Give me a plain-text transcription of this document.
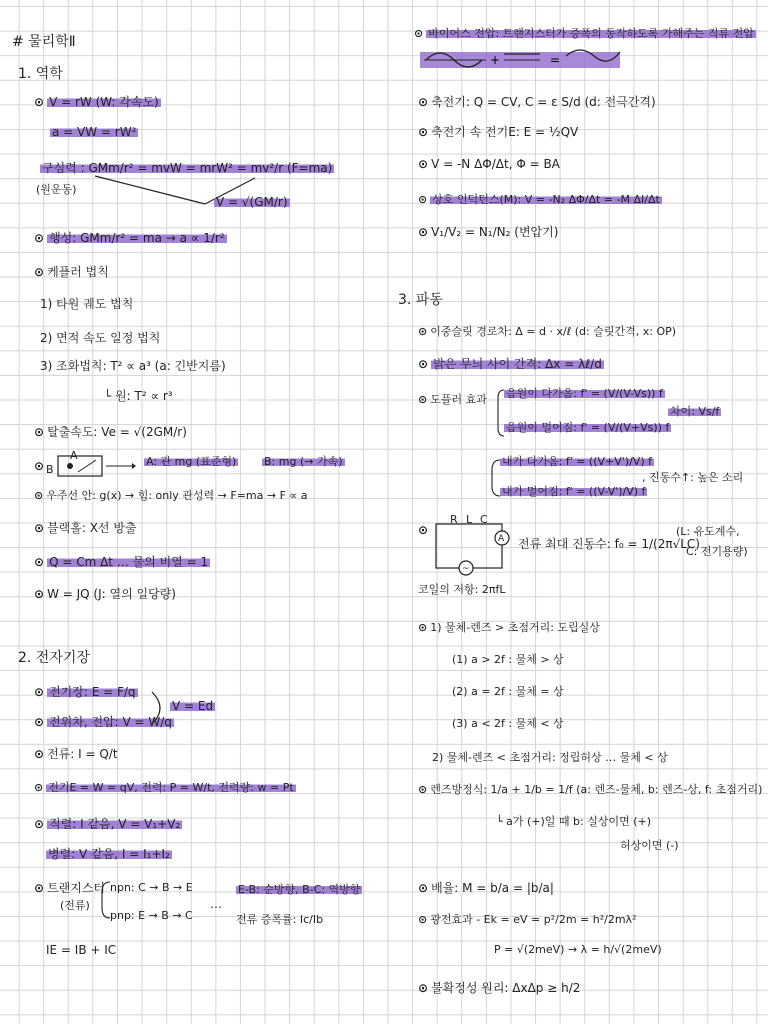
# 물리학Ⅱ
1. 역학
⊙ V = rW (W: 각속도)
a = VW = rW²
구심력 : GMm/r² = mvW = mrW² = mv²/r (F=ma)
(원운동)
V = √(GM/r)
⊙ 행성: GMm/r² = ma → a ∝ 1/r²
⊙ 케플러 법칙
1) 타원 궤도 법칙
2) 면적 속도 일정 법칙
3) 조화법칙: T² ∝ a³ (a: 긴반지름)
└ 원: T² ∝ r³
⊙ 탈출속도: Ve = √(2GM/r)
⊙ B
A	A: 관 mg (표준형)	B: mg (→ 가속)
⊙ 우주선 안: g(x) → 힘: only 관성력 → F=ma → F ∝ a
⊙ 블랙홀: X선 방출
⊙ Q = Cm Δt … 물의 비열 = 1
⊙ W = JQ (J: 열의 일당량)
2. 전자기장
⊙ 전기장: E = F/q
⊙ 전위차, 전압: V = W/q
V = Ed
⊙ 전류: I = Q/t
⊙ 전기E = W = qV, 전력: P = W/t, 전력량: w = Pt
⊙ 직렬: I 같음, V = V₁+V₂
병렬: V 같음, I = I₁+I₂
⊙ 트랜지스터
(전류)
npn: C → B → E
pnp: E → B → C
…
E-B: 순방향, B-C: 역방향
전류 증폭률: Ic/Ib
IE = IB + IC
⊙ 바이어스 전압: 트랜지스터가 증폭의 동작하도록 가해주는 직류 전압
+	=
⊙ 축전기: Q = CV, C = ε S/d (d: 전극간격)
⊙ 축전기 속 전기E: E = ½QV
⊙ V = -N ΔΦ/Δt, Φ = BA
⊙ 상호 인덕턴스(M): V = -N₂ ΔΦ/Δt = -M ΔI/Δt
⊙ V₁/V₂ = N₁/N₂ (변압기)
3. 파동
⊙ 이중슬릿 경로차: Δ = d · x/ℓ (d: 슬릿간격, x: OP)
⊙ 밝은 무늬 사이 간격: Δx = λℓ/d
⊙ 도플러 효과 음원이 다가옴: f' = (V/(V-Vs)) f
음원이 멀어짐: f' = (V/(V+Vs)) f
차이: Vs/f
내가 다가옴: f' = ((V+V')/V) f
내가 멀어짐: f' = ((V-V')/V) f
, 진동수↑: 높은 소리
⊙
R L C
A
~
전류 최대 진동수: f₀ = 1/(2π√LC)
(L: 유도계수,
C: 전기용량)
코일의 저항: 2πfL
⊙ 1) 물체-렌즈 > 초점거리: 도립실상
(1) a > 2f : 물체 > 상
(2) a = 2f : 물체 = 상
(3) a < 2f : 물체 < 상
2) 물체-렌즈 < 초점거리: 정립허상 … 물체 < 상
⊙ 렌즈방정식: 1/a + 1/b = 1/f (a: 렌즈-물체, b: 렌즈-상, f: 초점거리)
└ a가 (+)일 때 b: 실상이면 (+)
허상이면 (-)
⊙ 배율: M = b/a = |b/a|
⊙ 광전효과 - Ek = eV = p²/2m = h²/2mλ²
P = √(2meV) → λ = h/√(2meV)
⊙ 불확정성 원리: ΔxΔp ≥ h/2
